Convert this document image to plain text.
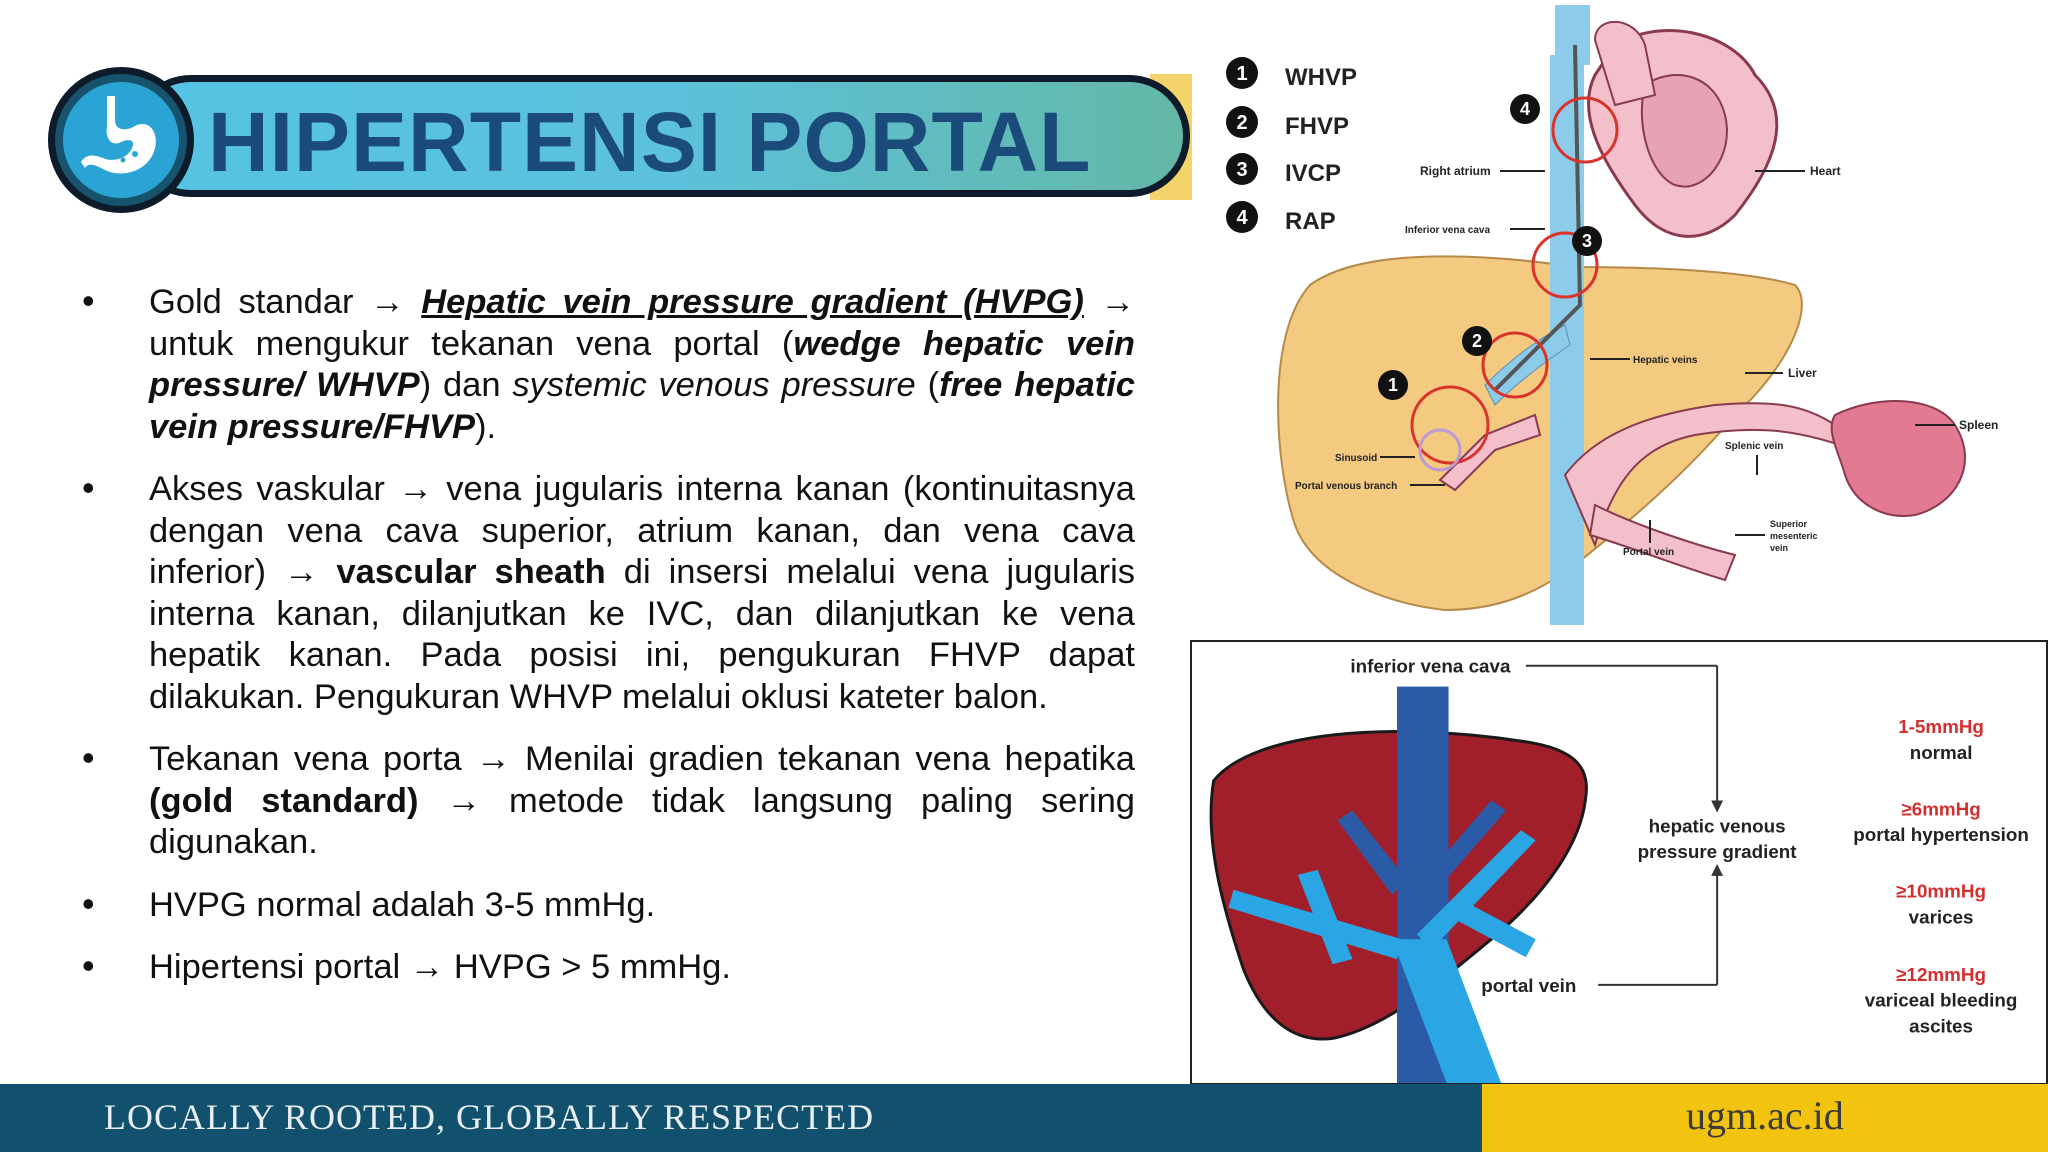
HIPERTENSI PORTAL
• Gold standar → Hepatic vein pressure gradient (HVPG) → untuk mengukur tekanan vena portal (wedge hepatic vein pressure/ WHVP) dan systemic venous pressure (free hepatic vein pressure/FHVP).
• Akses vaskular → vena jugularis interna kanan (kontinuitasnya dengan vena cava superior, atrium kanan, dan vena cava inferior) → vascular sheath di insersi melalui vena jugularis interna kanan, dilanjutkan ke IVC, dan dilanjutkan ke vena hepatik kanan. Pada posisi ini, pengukuran FHVP dapat dilakukan. Pengukuran WHVP melalui oklusi kateter balon.
• Tekanan vena porta → Menilai gradien tekanan vena hepatika (gold standard) → metode tidak langsung paling sering digunakan.
• HVPG normal adalah 3-5 mmHg.
• Hipertensi portal → HVPG > 5 mmHg.
1 WHVP
2 FHVP
3 IVCP
4 RAP
4
3
2
1
Right atrium	Heart
Inferior vena cava
Hepatic veins
Liver
Spleen
Sinusoid
Portal venous branch
Splenic vein
Portal vein
Superior
mesenteric
vein
inferior vena cava
portal vein
hepatic venous
pressure gradient
1-5mmHg
normal
≥6mmHg
portal hypertension
≥10mmHg
varices
≥12mmHg
variceal bleeding
ascites
LOCALLY ROOTED, GLOBALLY RESPECTED	ugm.ac.id
